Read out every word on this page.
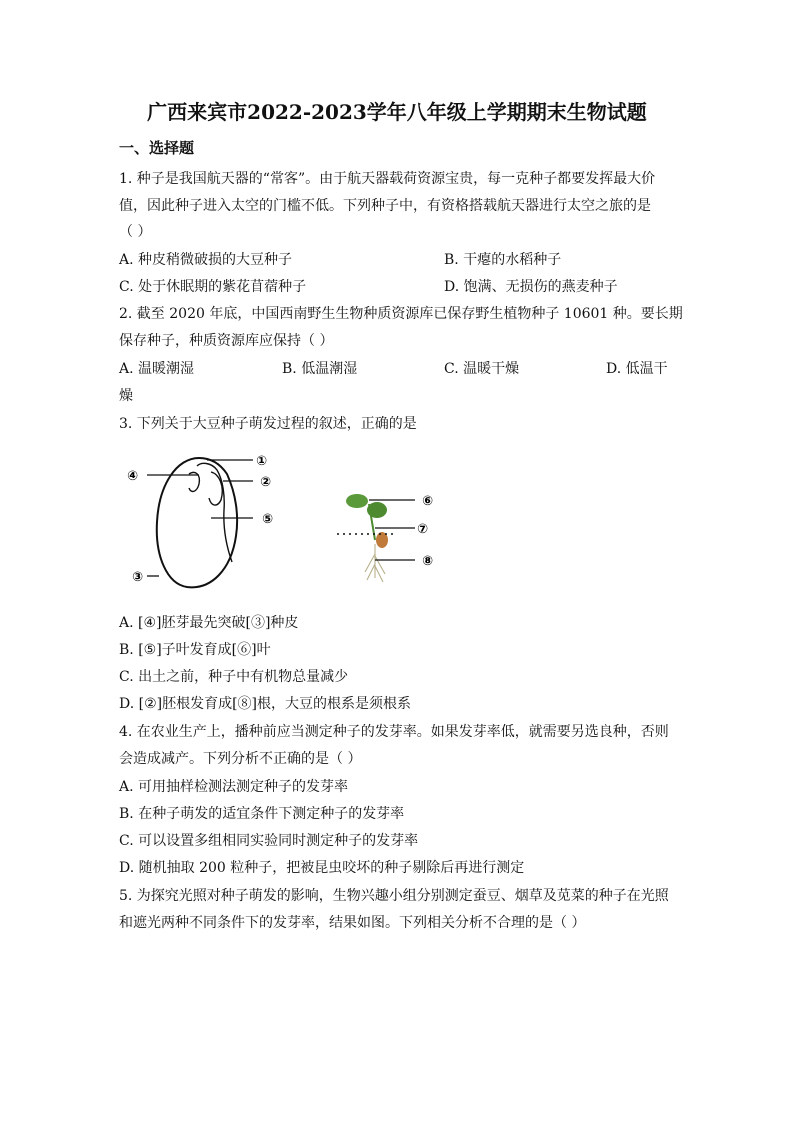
广西来宾市2022-2023学年八年级上学期期末生物试题
一、选择题
1. 种子是我国航天器的“常客”。由于航天器载荷资源宝贵，每一克种子都要发挥最大价
值，因此种子进入太空的门槛不低。下列种子中，有资格搭载航天器进行太空之旅的是
（ ）
A. 种皮稍微破损的大豆种子	B. 干瘪的水稻种子
C. 处于休眠期的紫花苜蓿种子	D. 饱满、无损伤的燕麦种子
2. 截至 2020 年底，中国西南野生生物种质资源库已保存野生植物种子 10601 种。要长期
保存种子，种质资源库应保持（ ）
A. 温暖潮湿	B. 低温潮湿	C. 温暖干燥	D. 低温干
燥
3. 下列关于大豆种子萌发过程的叙述，正确的是
①
②
③
④
⑤
⑥
⑦
⑧
A. [④]胚芽最先突破[③]种皮
B. [⑤]子叶发育成[⑥]叶
C. 出土之前，种子中有机物总量减少
D. [②]胚根发育成[⑧]根，大豆的根系是须根系
4. 在农业生产上，播种前应当测定种子的发芽率。如果发芽率低，就需要另选良种，否则
会造成减产。下列分析不正确的是（ ）
A. 可用抽样检测法测定种子的发芽率
B. 在种子萌发的适宜条件下测定种子的发芽率
C. 可以设置多组相同实验同时测定种子的发芽率
D. 随机抽取 200 粒种子，把被昆虫咬坏的种子剔除后再进行测定
5. 为探究光照对种子萌发的影响，生物兴趣小组分别测定蚕豆、烟草及苋菜的种子在光照
和遮光两种不同条件下的发芽率，结果如图。下列相关分析不合理的是（ ）
